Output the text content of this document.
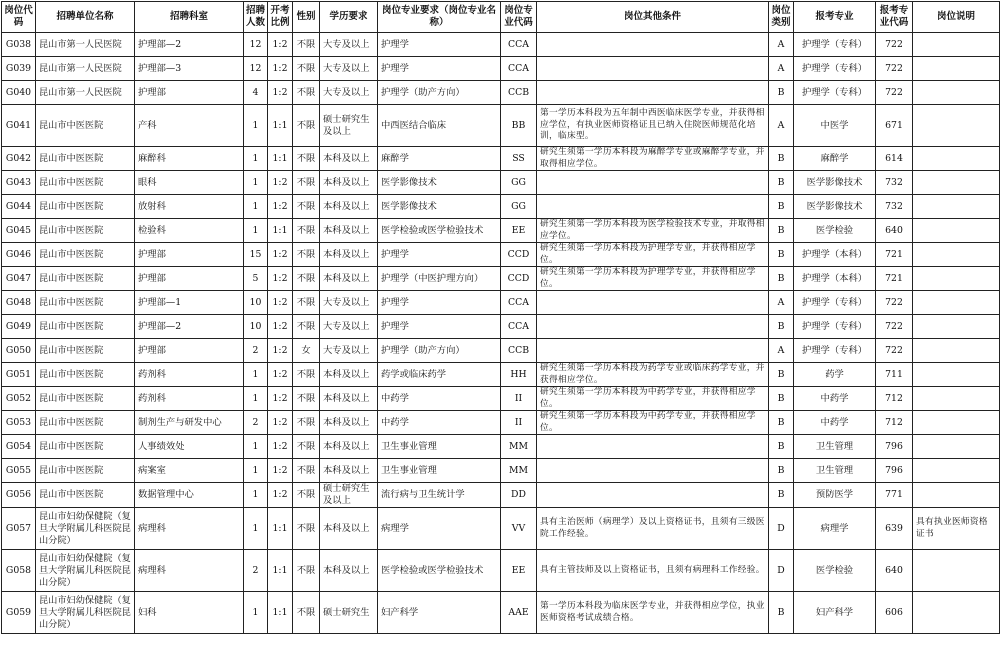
岗位代码	招聘单位名称	招聘科室	招聘人数	开考比例	性别	学历要求	岗位专业要求（岗位专业名称）	岗位专业代码	岗位其他条件	岗位类别	报考专业	报考专业代码	岗位说明
G038	昆山市第一人民医院	护理部—2	12	1:2	不限	大专及以上	护理学	CCA		A	护理学（专科）	722	
G039	昆山市第一人民医院	护理部—3	12	1:2	不限	大专及以上	护理学	CCA		A	护理学（专科）	722	
G040	昆山市第一人民医院	护理部	4	1:2	不限	大专及以上	护理学（助产方向）	CCB		B	护理学（专科）	722	
G041	昆山市中医医院	产科	1	1:1	不限	硕士研究生及以上	中西医结合临床	BB	第一学历本科段为五年制中西医临床医学专业，并获得相应学位，有执业医师资格证且已纳入住院医师规范化培训，临床型。	A	中医学	671	
G042	昆山市中医医院	麻醉科	1	1:1	不限	本科及以上	麻醉学	SS	研究生须第一学历本科段为麻醉学专业或麻醉学专业，并取得相应学位。	B	麻醉学	614	
G043	昆山市中医医院	眼科	1	1:2	不限	本科及以上	医学影像技术	GG		B	医学影像技术	732	
G044	昆山市中医医院	放射科	1	1:2	不限	本科及以上	医学影像技术	GG		B	医学影像技术	732	
G045	昆山市中医医院	检验科	1	1:1	不限	本科及以上	医学检验或医学检验技术	EE	研究生须第一学历本科段为医学检验技术专业，并取得相应学位。	B	医学检验	640	
G046	昆山市中医医院	护理部	15	1:2	不限	本科及以上	护理学	CCD	研究生须第一学历本科段为护理学专业，并获得相应学位。	B	护理学（本科）	721	
G047	昆山市中医医院	护理部	5	1:2	不限	本科及以上	护理学（中医护理方向）	CCD	研究生须第一学历本科段为护理学专业，并获得相应学位。	B	护理学（本科）	721	
G048	昆山市中医医院	护理部—1	10	1:2	不限	大专及以上	护理学	CCA		A	护理学（专科）	722	
G049	昆山市中医医院	护理部—2	10	1:2	不限	大专及以上	护理学	CCA		B	护理学（专科）	722	
G050	昆山市中医医院	护理部	2	1:2	女	大专及以上	护理学（助产方向）	CCB		A	护理学（专科）	722	
G051	昆山市中医医院	药剂科	1	1:2	不限	本科及以上	药学或临床药学	HH	研究生须第一学历本科段为药学专业或临床药学专业，并获得相应学位。	B	药学	711	
G052	昆山市中医医院	药剂科	1	1:2	不限	本科及以上	中药学	II	研究生须第一学历本科段为中药学专业，并获得相应学位。	B	中药学	712	
G053	昆山市中医医院	制剂生产与研发中心	2	1:2	不限	本科及以上	中药学	II	研究生须第一学历本科段为中药学专业，并获得相应学位。	B	中药学	712	
G054	昆山市中医医院	人事绩效处	1	1:2	不限	本科及以上	卫生事业管理	MM		B	卫生管理	796	
G055	昆山市中医医院	病案室	1	1:2	不限	本科及以上	卫生事业管理	MM		B	卫生管理	796	
G056	昆山市中医医院	数据管理中心	1	1:2	不限	硕士研究生及以上	流行病与卫生统计学	DD		B	预防医学	771	
G057	昆山市妇幼保健院（复旦大学附属儿科医院昆山分院）	病理科	1	1:1	不限	本科及以上	病理学	VV	具有主治医师（病理学）及以上资格证书，且须有三级医院工作经验。	D	病理学	639	具有执业医师资格证书
G058	昆山市妇幼保健院（复旦大学附属儿科医院昆山分院）	病理科	2	1:1	不限	本科及以上	医学检验或医学检验技术	EE	具有主管技师及以上资格证书，且须有病理科工作经验。	D	医学检验	640	
G059	昆山市妇幼保健院（复旦大学附属儿科医院昆山分院）	妇科	1	1:1	不限	硕士研究生	妇产科学	AAE	第一学历本科段为临床医学专业，并获得相应学位，执业医师资格考试成绩合格。	B	妇产科学	606	
